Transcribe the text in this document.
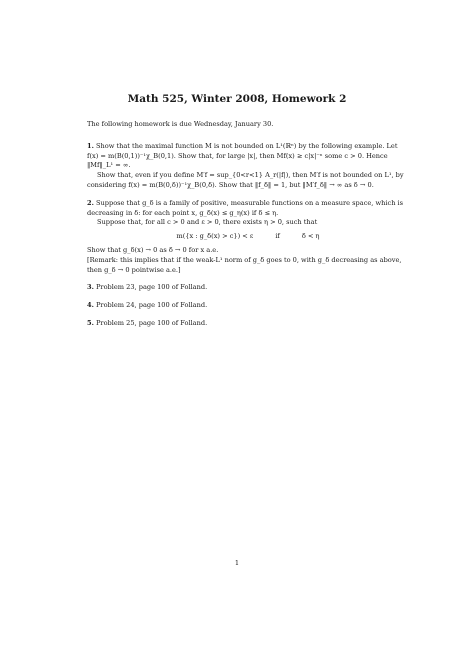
Math 525, Winter 2008, Homework 2

The following homework is due Wednesday, January 30.

1. Show that the maximal function M is not bounded on L¹(ℝⁿ) by the following example. Let f(x) = m(B(0,1))⁻¹χ_B(0,1). Show that, for large |x|, then Mf(x) ≥ c|x|⁻ⁿ some c > 0. Hence ‖Mf‖_L¹ = ∞.

Show that, even if you define M′f = sup_{0<r<1} A_r(|f|), then M′f is not bounded on L¹, by considering f(x) = m(B(0,δ))⁻¹χ_B(0,δ). Show that ‖f_δ‖ = 1, but ‖M′f_δ‖ → ∞ as δ → 0.

2. Suppose that g_δ is a family of positive, measurable functions on a measure space, which is decreasing in δ: for each point x, g_δ(x) ≤ g_η(x) if δ ≤ η.

Suppose that, for all c > 0 and ε > 0, there exists η > 0, such that

m({x : g_δ(x) > c}) < ε	if	δ < η

Show that g_δ(x) → 0 as δ → 0 for x a.e.

[Remark: this implies that if the weak-L¹ norm of g_δ goes to 0, with g_δ decreasing as above, then g_δ → 0 pointwise a.e.]

3. Problem 23, page 100 of Folland.

4. Problem 24, page 100 of Folland.

5. Problem 25, page 100 of Folland.

1
